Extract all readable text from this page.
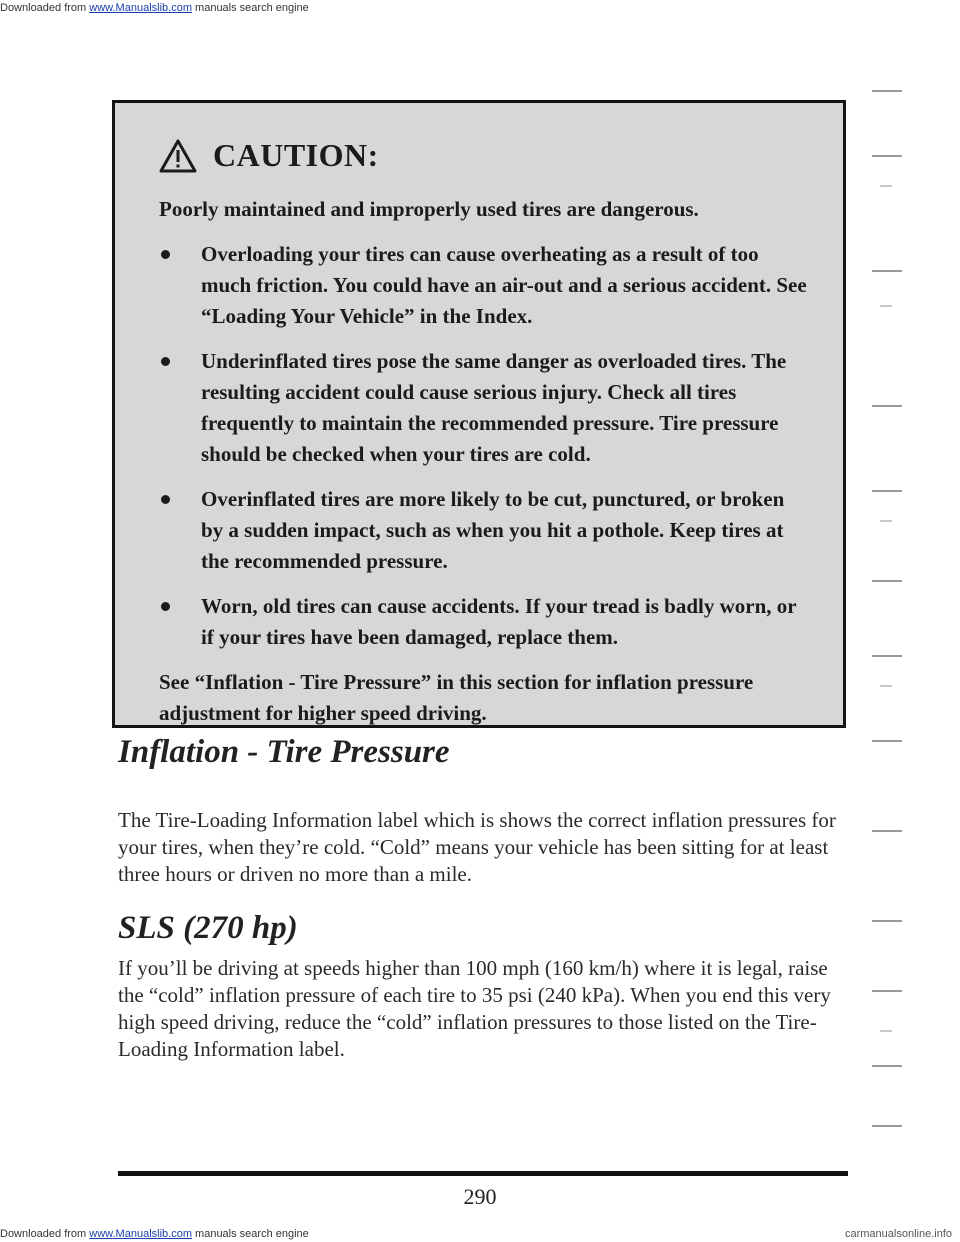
Downloaded from www.Manualslib.com manuals search engine
CAUTION:

Poorly maintained and improperly used tires are dangerous.

Overloading your tires can cause overheating as a result of too much friction. You could have an air-out and a serious accident. See “Loading Your Vehicle” in the Index.
Underinflated tires pose the same danger as overloaded tires. The resulting accident could cause serious injury. Check all tires frequently to maintain the recommended pressure. Tire pressure should be checked when your tires are cold.
Overinflated tires are more likely to be cut, punctured, or broken by a sudden impact, such as when you hit a pothole. Keep tires at the recommended pressure.
Worn, old tires can cause accidents. If your tread is badly worn, or if your tires have been damaged, replace them.

See “Inflation - Tire Pressure” in this section for inflation pressure adjustment for higher speed driving.

Inflation - Tire Pressure

The Tire-Loading Information label which is shows the correct inflation pressures for your tires, when they’re cold. “Cold” means your vehicle has been sitting for at least three hours or driven no more than a mile.

SLS (270 hp)

If you’ll be driving at speeds higher than 100 mph (160 km/h) where it is legal, raise the “cold” inflation pressure of each tire to 35 psi (240 kPa). When you end this very high speed driving, reduce the “cold” inflation pressures to those listed on the Tire-Loading Information label.

290
Downloaded from www.Manualslib.com manuals search engine	carmanualsonline.info
